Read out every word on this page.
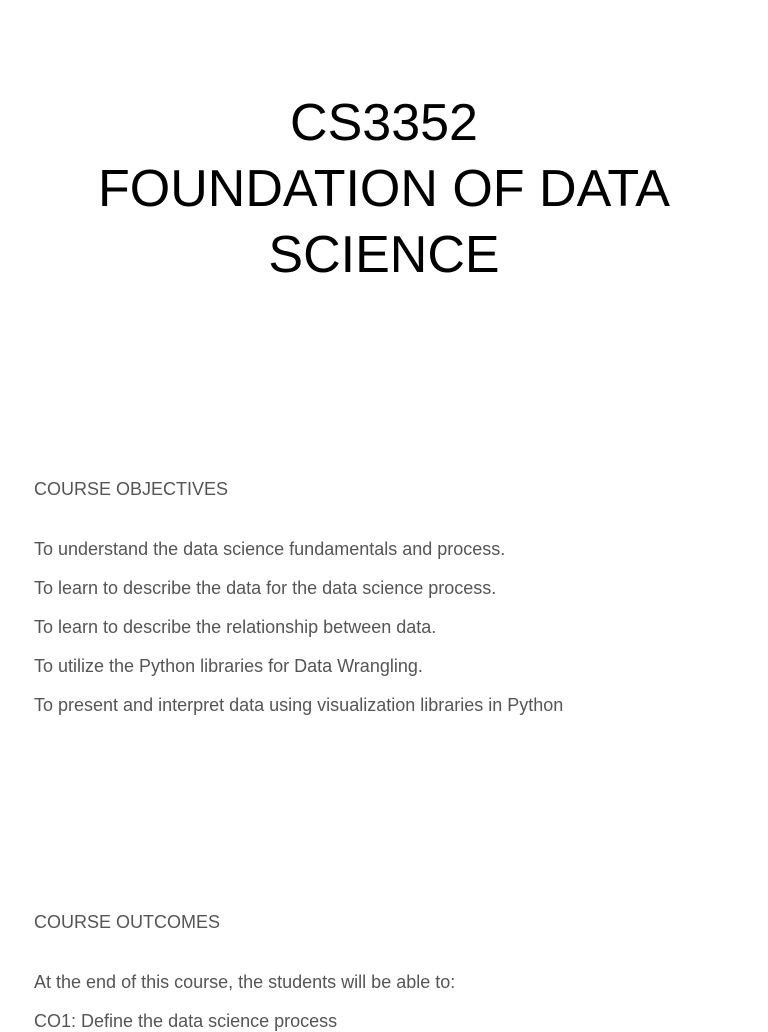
CS3352
FOUNDATION OF DATA
SCIENCE
COURSE OBJECTIVES
To understand the data science fundamentals and process.
To learn to describe the data for the data science process.
To learn to describe the relationship between data.
To utilize the Python libraries for Data Wrangling.
To present and interpret data using visualization libraries in Python
COURSE OUTCOMES

At the end of this course, the students will be able to:

CO1: Define the data science process
